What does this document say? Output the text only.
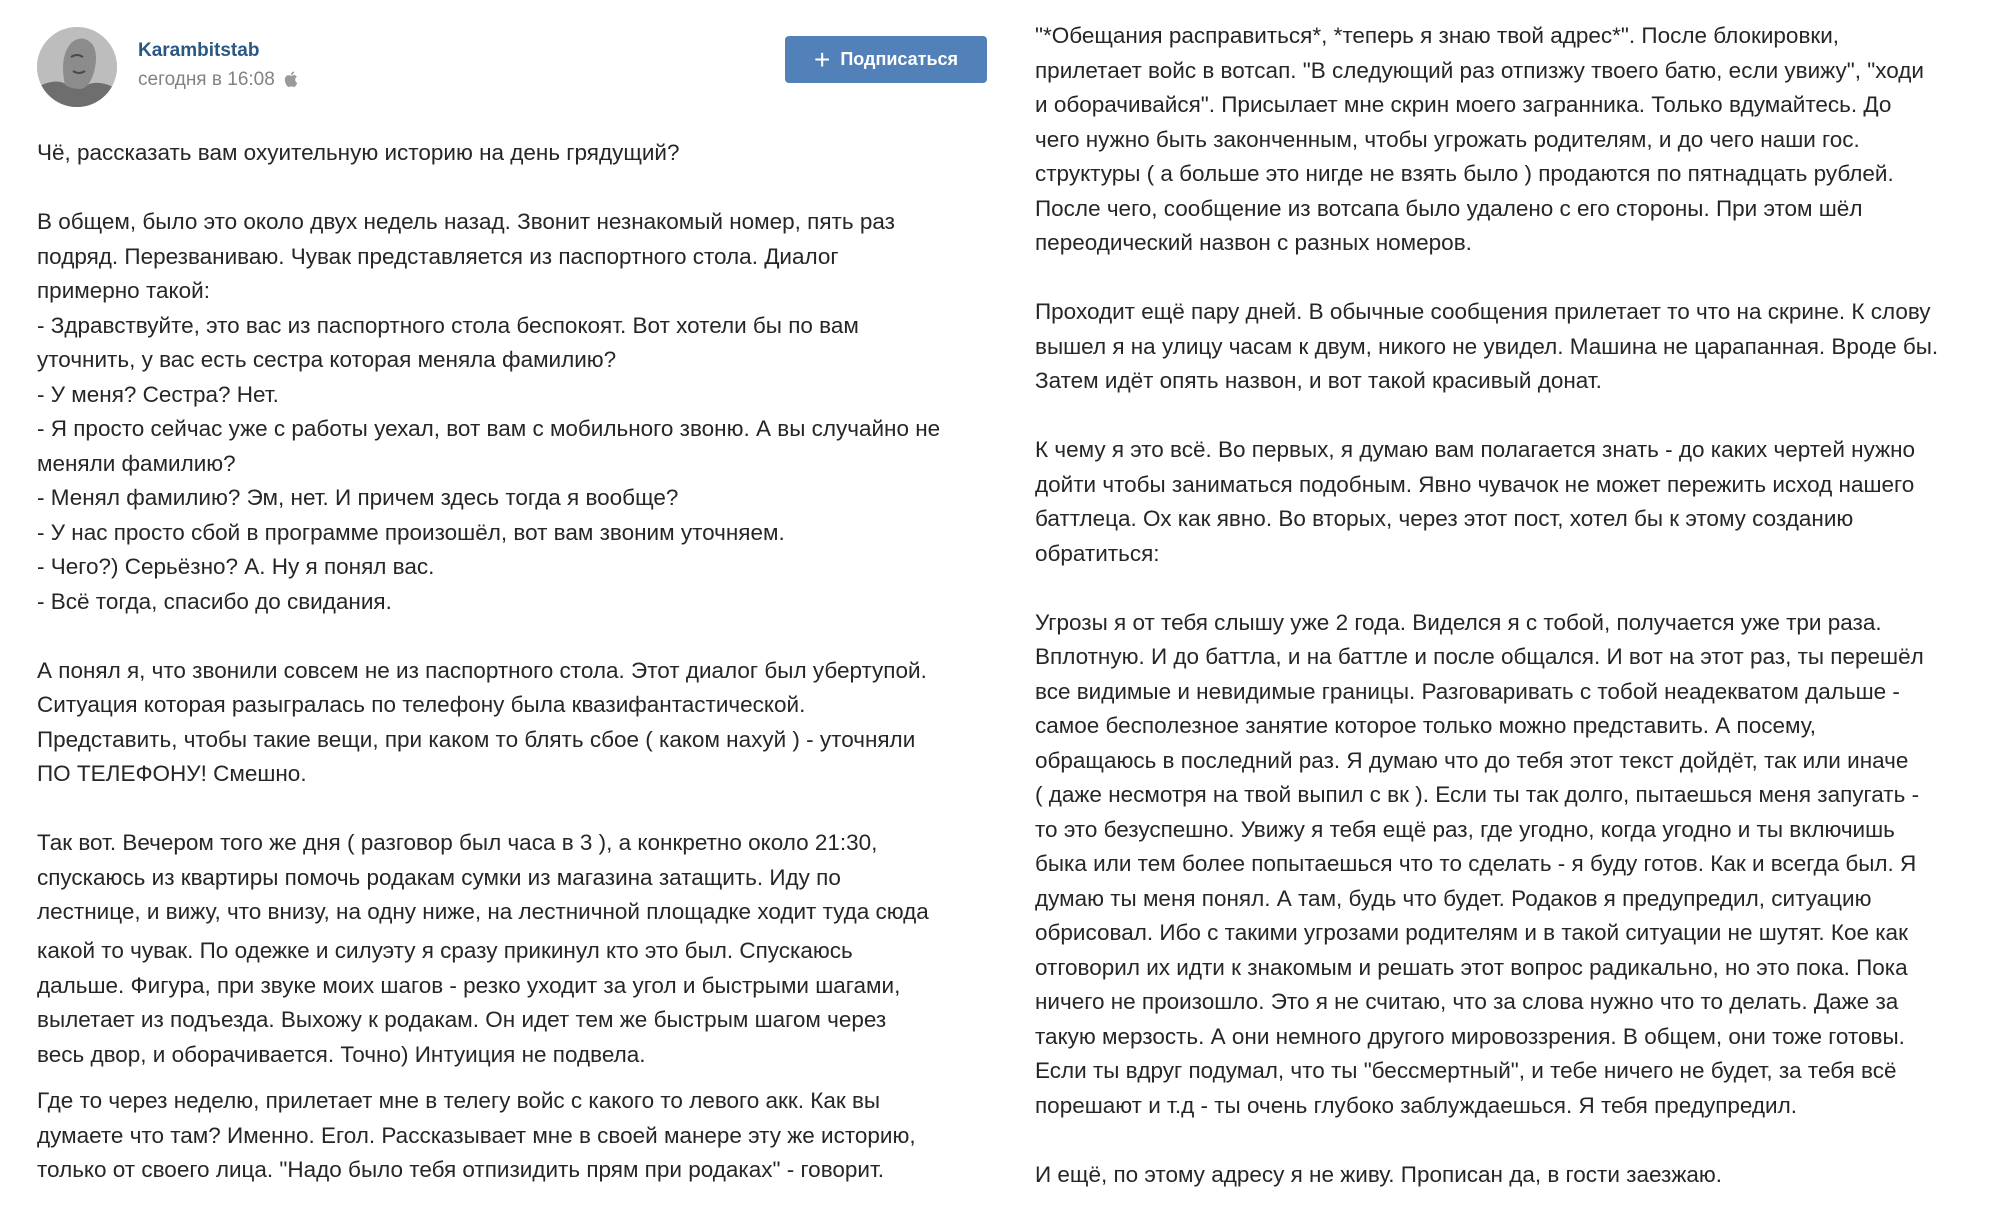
Karambitstab
сегодня в 16:08
+ Подписаться

Чё, рассказать вам охуительную историю на день грядущий?

В общем, было это около двух недель назад. Звонит незнакомый номер, пять раз

подряд. Перезваниваю. Чувак представляется из паспортного стола. Диалог

примерно такой:

- Здравствуйте, это вас из паспортного стола беспокоят. Вот хотели бы по вам

уточнить, у вас есть сестра которая меняла фамилию?

- У меня? Сестра? Нет.

- Я просто сейчас уже с работы уехал, вот вам с мобильного звоню. А вы случайно не

меняли фамилию?

- Менял фамилию? Эм, нет. И причем здесь тогда я вообще?

- У нас просто сбой в программе произошёл, вот вам звоним уточняем.

- Чего?) Серьёзно? А. Ну я понял вас.

- Всё тогда, спасибо до свидания.

А понял я, что звонили совсем не из паспортного стола. Этот диалог был убертупой.

Ситуация которая разыгралась по телефону была квазифантастической.

Представить, чтобы такие вещи, при каком то блять сбое ( каком нахуй ) - уточняли

ПО ТЕЛЕФОНУ! Смешно.

Так вот. Вечером того же дня ( разговор был часа в 3 ), а конкретно около 21:30,

спускаюсь из квартиры помочь родакам сумки из магазина затащить. Иду по

лестнице, и вижу, что внизу, на одну ниже, на лестничной площадке ходит туда сюда

какой то чувак. По одежке и силуэту я сразу прикинул кто это был. Спускаюсь

дальше. Фигура, при звуке моих шагов - резко уходит за угол и быстрыми шагами,

вылетает из подъезда. Выхожу к родакам. Он идет тем же быстрым шагом через

весь двор, и оборачивается. Точно) Интуиция не подвела.

Где то через неделю, прилетает мне в телегу войс с какого то левого акк. Как вы

думаете что там? Именно. Егол. Рассказывает мне в своей манере эту же историю,

только от своего лица. "Надо было тебя отпизидить прям при родаках" - говорит.

"*Обещания расправиться*, *теперь я знаю твой адрес*". После блокировки,

прилетает войс в вотсап. "В следующий раз отпизжу твоего батю, если увижу", "ходи

и оборачивайся". Присылает мне скрин моего загранника. Только вдумайтесь. До

чего нужно быть законченным, чтобы угрожать родителям, и до чего наши гос.

структуры ( а больше это нигде не взять было ) продаются по пятнадцать рублей.

После чего, сообщение из вотсапа было удалено с его стороны. При этом шёл

переодический назвон с разных номеров.

Проходит ещё пару дней. В обычные сообщения прилетает то что на скрине. К слову

вышел я на улицу часам к двум, никого не увидел. Машина не царапанная. Вроде бы.

Затем идёт опять назвон, и вот такой красивый донат.

К чему я это всё. Во первых, я думаю вам полагается знать - до каких чертей нужно

дойти чтобы заниматься подобным. Явно чувачок не может пережить исход нашего

баттлеца. Ох как явно. Во вторых, через этот пост, хотел бы к этому созданию

обратиться:

Угрозы я от тебя слышу уже 2 года. Виделся я с тобой, получается уже три раза.

Вплотную. И до баттла, и на баттле и после общался. И вот на этот раз, ты перешёл

все видимые и невидимые границы. Разговаривать с тобой неадекватом дальше -

самое бесполезное занятие которое только можно представить. А посему,

обращаюсь в последний раз. Я думаю что до тебя этот текст дойдёт, так или иначе

( даже несмотря на твой выпил с вк ). Если ты так долго, пытаешься меня запугать -

то это безуспешно. Увижу я тебя ещё раз, где угодно, когда угодно и ты включишь

быка или тем более попытаешься что то сделать - я буду готов. Как и всегда был. Я

думаю ты меня понял. А там, будь что будет. Родаков я предупредил, ситуацию

обрисовал. Ибо с такими угрозами родителям и в такой ситуации не шутят. Кое как

отговорил их идти к знакомым и решать этот вопрос радикально, но это пока. Пока

ничего не произошло. Это я не считаю, что за слова нужно что то делать. Даже за

такую мерзость. А они немного другого мировоззрения. В общем, они тоже готовы.

Если ты вдруг подумал, что ты "бессмертный", и тебе ничего не будет, за тебя всё

порешают и т.д - ты очень глубоко заблуждаешься. Я тебя предупредил.

И ещё, по этому адресу я не живу. Прописан да, в гости заезжаю.
